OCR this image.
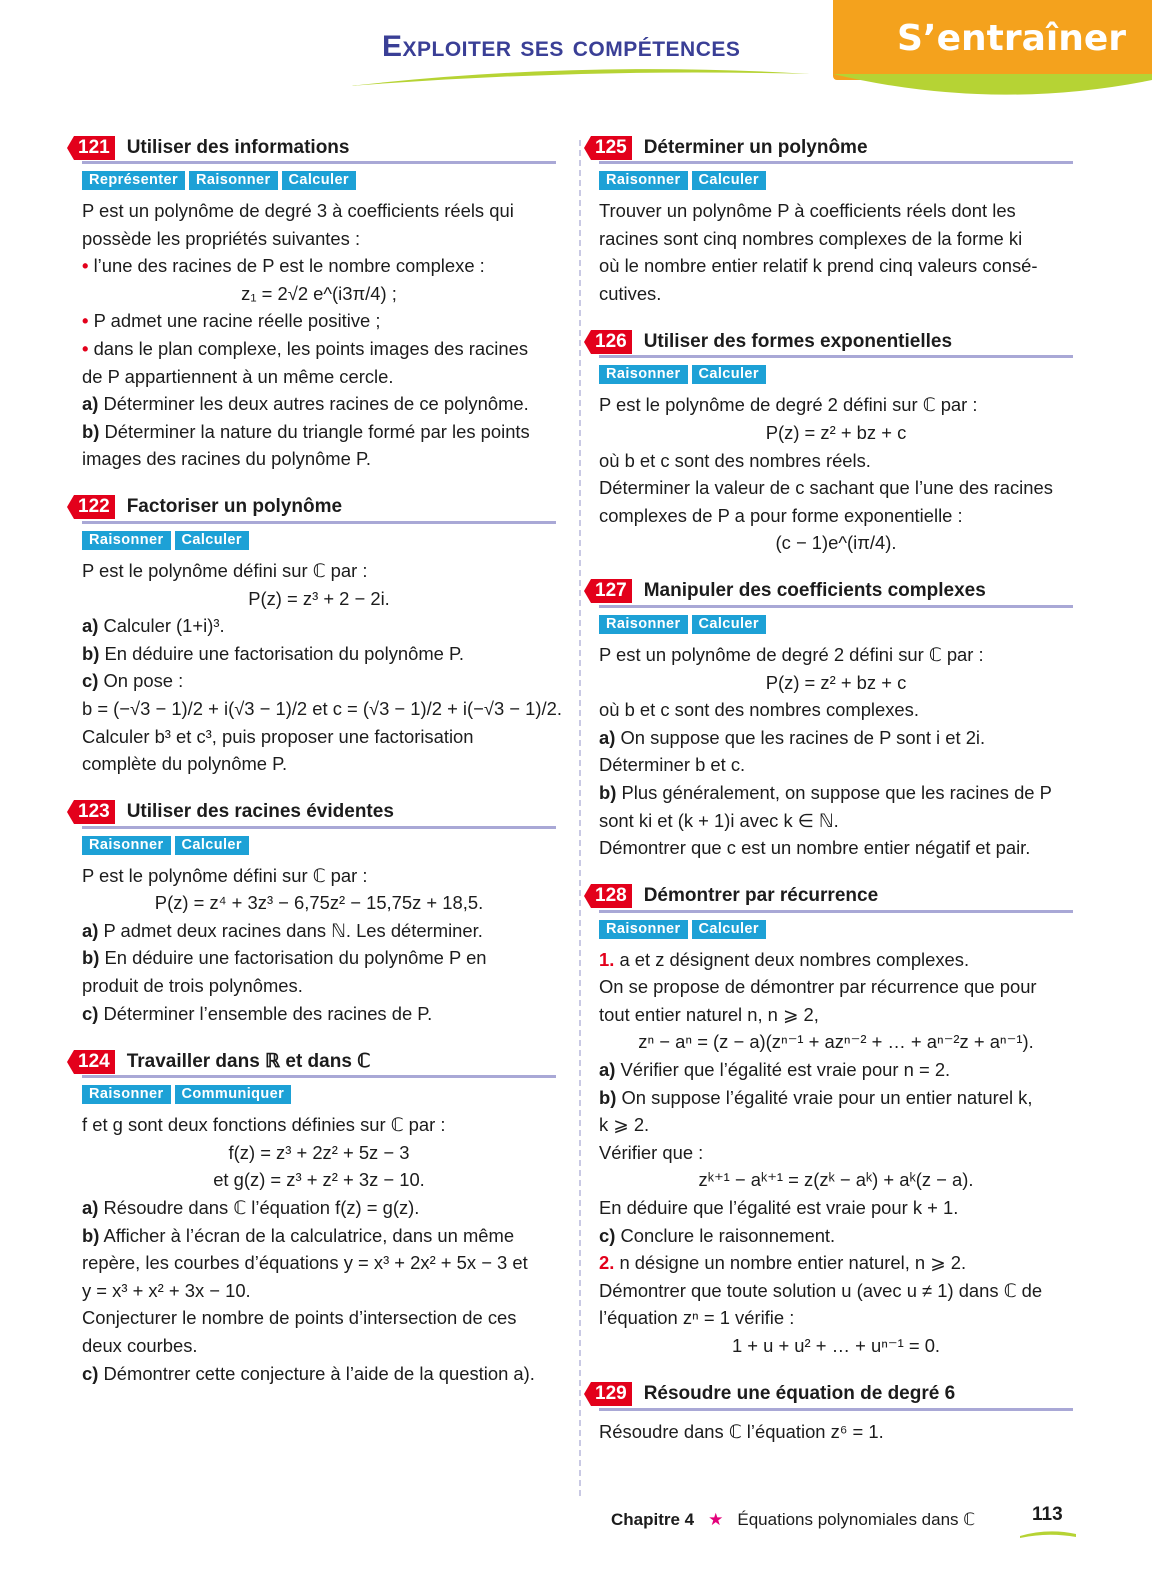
Exploiter ses compétences	S’entraîner
121 Utiliser des informations
Représenter	Raisonner	Calculer
P est un polynôme de degré 3 à coefficients réels qui
possède les propriétés suivantes :
• l’une des racines de P est le nombre complexe :
z₁ = 2√2 e^(i3π/4) ;
• P admet une racine réelle positive ;
• dans le plan complexe, les points images des racines
de P appartiennent à un même cercle.
a) Déterminer les deux autres racines de ce polynôme.
b) Déterminer la nature du triangle formé par les points
images des racines du polynôme P.
122 Factoriser un polynôme
Raisonner	Calculer
P est le polynôme défini sur ℂ par :
P(z) = z³ + 2 − 2i.
a) Calculer (1+i)³.
b) En déduire une factorisation du polynôme P.
c) On pose :
b = (−√3 − 1)/2 + i(√3 − 1)/2 et c = (√3 − 1)/2 + i(−√3 − 1)/2.
Calculer b³ et c³, puis proposer une factorisation
complète du polynôme P.
123 Utiliser des racines évidentes
Raisonner	Calculer
P est le polynôme défini sur ℂ par :
P(z) = z⁴ + 3z³ − 6,75z² − 15,75z + 18,5.
a) P admet deux racines dans ℕ. Les déterminer.
b) En déduire une factorisation du polynôme P en
produit de trois polynômes.
c) Déterminer l’ensemble des racines de P.
124 Travailler dans ℝ et dans ℂ
Raisonner	Communiquer
f et g sont deux fonctions définies sur ℂ par :
f(z) = z³ + 2z² + 5z − 3
et g(z) = z³ + z² + 3z − 10.
a) Résoudre dans ℂ l’équation f(z) = g(z).
b) Afficher à l’écran de la calculatrice, dans un même
repère, les courbes d’équations y = x³ + 2x² + 5x − 3 et
y = x³ + x² + 3x − 10.
Conjecturer le nombre de points d’intersection de ces
deux courbes.
c) Démontrer cette conjecture à l’aide de la question a).
125 Déterminer un polynôme
Raisonner	Calculer
Trouver un polynôme P à coefficients réels dont les
racines sont cinq nombres complexes de la forme ki
où le nombre entier relatif k prend cinq valeurs consé-
cutives.
126 Utiliser des formes exponentielles
Raisonner	Calculer
P est le polynôme de degré 2 défini sur ℂ par :
P(z) = z² + bz + c
où b et c sont des nombres réels.
Déterminer la valeur de c sachant que l’une des racines
complexes de P a pour forme exponentielle :
(c − 1)e^(iπ/4).
127 Manipuler des coefficients complexes
Raisonner	Calculer
P est un polynôme de degré 2 défini sur ℂ par :
P(z) = z² + bz + c
où b et c sont des nombres complexes.
a) On suppose que les racines de P sont i et 2i.
Déterminer b et c.
b) Plus généralement, on suppose que les racines de P
sont ki et (k + 1)i avec k ∈ ℕ.
Démontrer que c est un nombre entier négatif et pair.
128 Démontrer par récurrence
Raisonner	Calculer
1. a et z désignent deux nombres complexes.
On se propose de démontrer par récurrence que pour
tout entier naturel n, n ⩾ 2,
zⁿ − aⁿ = (z − a)(zⁿ⁻¹ + azⁿ⁻² + … + aⁿ⁻²z + aⁿ⁻¹).
a) Vérifier que l’égalité est vraie pour n = 2.
b) On suppose l’égalité vraie pour un entier naturel k,
k ⩾ 2.
Vérifier que :
zᵏ⁺¹ − aᵏ⁺¹ = z(zᵏ − aᵏ) + aᵏ(z − a).
En déduire que l’égalité est vraie pour k + 1.
c) Conclure le raisonnement.
2. n désigne un nombre entier naturel, n ⩾ 2.
Démontrer que toute solution u (avec u ≠ 1) dans ℂ de
l’équation zⁿ = 1 vérifie :
1 + u + u² + … + uⁿ⁻¹ = 0.
129 Résoudre une équation de degré 6
Résoudre dans ℂ l’équation z⁶ = 1.
Chapitre 4 ★ Équations polynomiales dans ℂ	113
